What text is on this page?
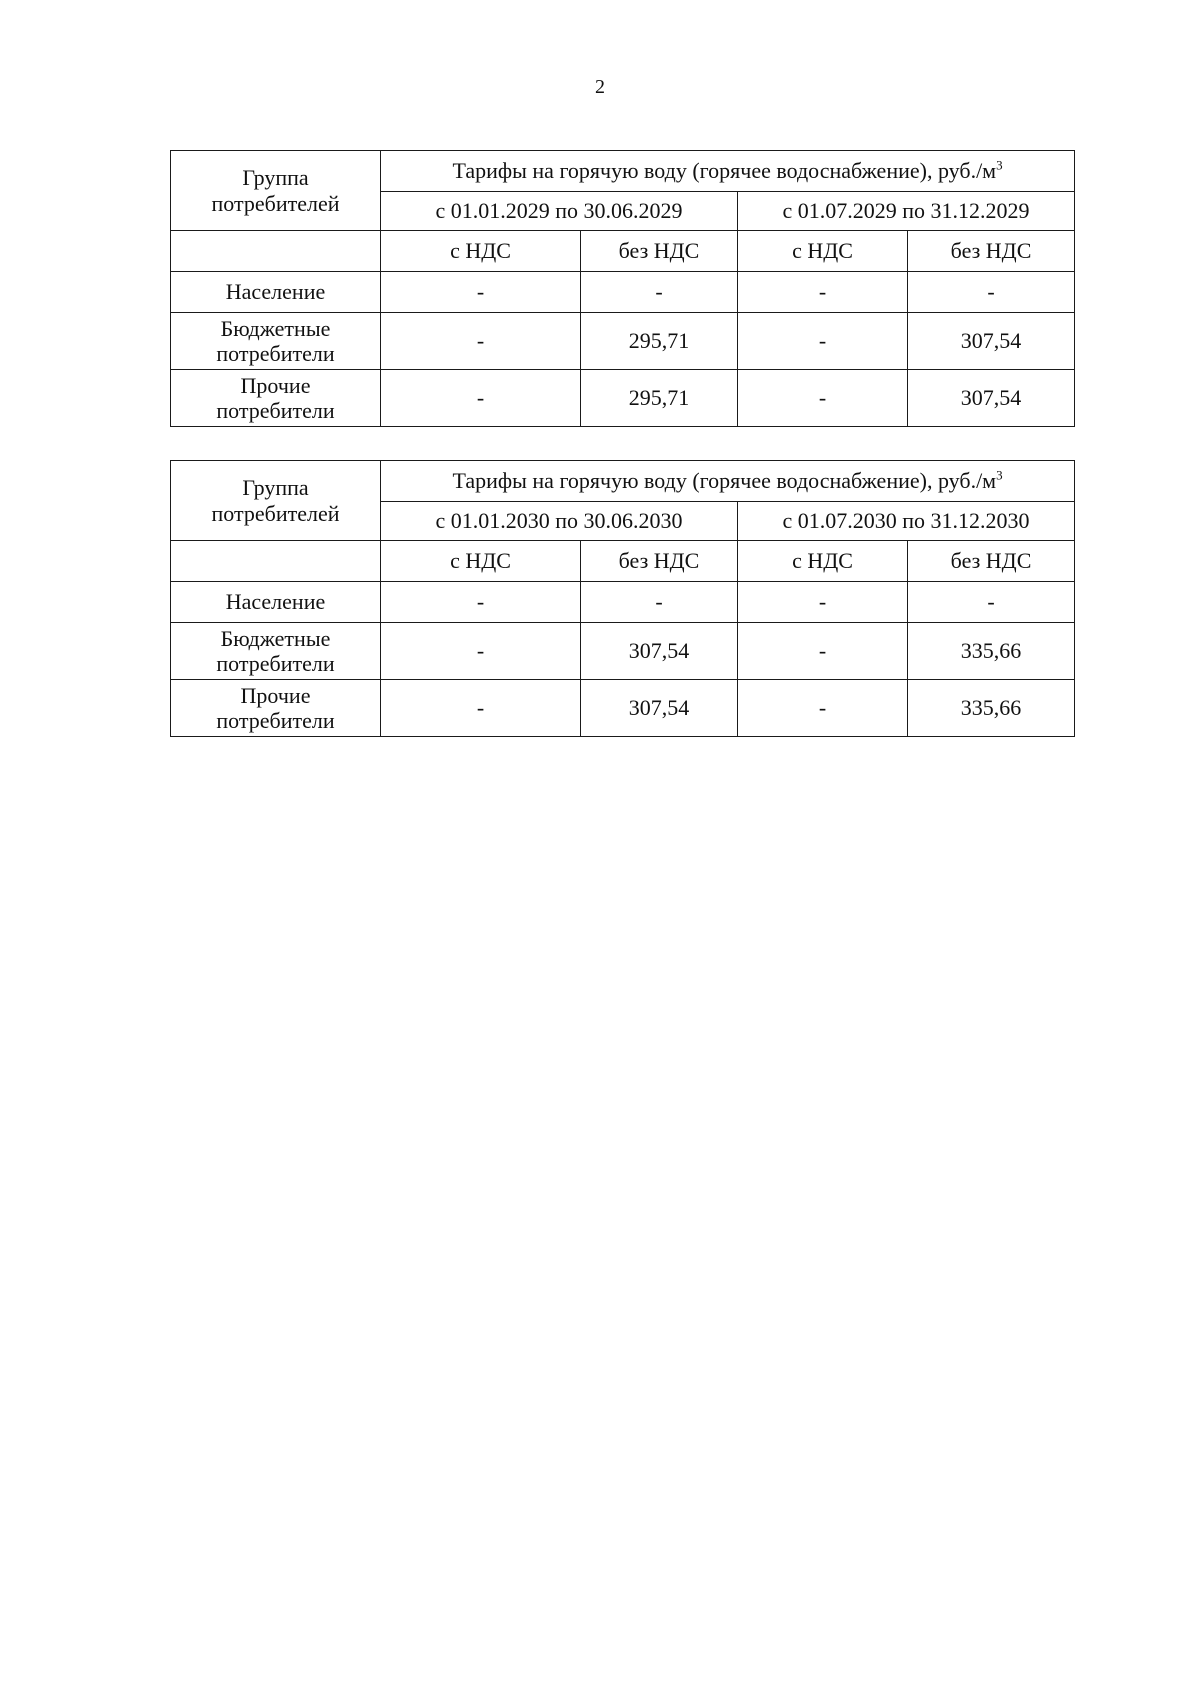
2
Группа
потребителей	Тарифы на горячую воду (горячее водоснабжение), $руб./м^3$
	с 01.01.2029 по 30.06.2029		с 01.07.2029 по 31.12.2029	
	с НДС	без НДС	с НДС	без НДС

Население	-	-	-	-

Бюджетные
потребители	-	295,71	-	307,54

Прочие
потребители	-	295,71	-	307,54
Группа
потребителей	Тарифы на горячую воду (горячее водоснабжение), $руб./м^3$
	с 01.01.2030 по 30.06.2030		с 01.07.2030 по 31.12.2030	
	с НДС	без НДС	с НДС	без НДС

Население	-	-	-	-

Бюджетные
потребители	-	307,54	-	335,66

Прочие
потребители	-	307,54	-	335,66
